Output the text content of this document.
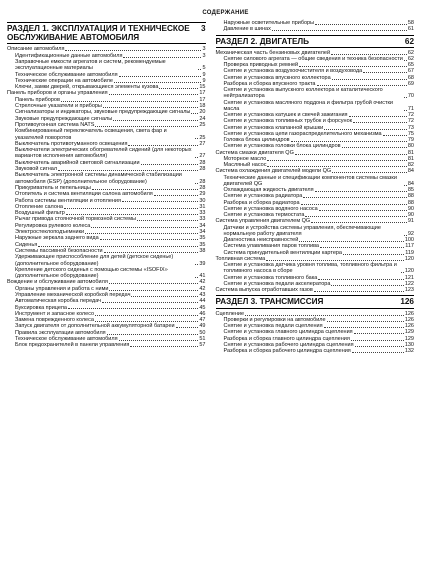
СОДЕРЖАНИЕ
РАЗДЕЛ 1. ЭКСПЛУАТАЦИЯ И ТЕХНИЧЕСКОЕ ОБСЛУЖИВАНИЕ АВТОМОБИЛЯ
3
Описание автомобиля	3
Идентификационные данные автомобиля	3
Заправочные емкости агрегатов и систем, рекомендуемые эксплуатационные материалы	5
Техническое обслуживание автомобиля	9
Технические операции на автомобиле	9
Ключи, замки дверей, открывающиеся элементы кузова	15
Панель приборов и органы управления	17
Панель приборов	17
Стрелочные указатели и приборы	18
Сигнализаторы и индикаторы, звуковые предупреждающие сигналы 20
Звуковые предупреждающие сигналы	24
Противоугонная система NATS	25
Комбинированный переключатель освещения, света фар и указателей поворотов	25
Выключатель противотуманного освещения	27
Выключатели электрических обогревателей сидений (для некоторых вариантов исполнения автомобиля)	27
Выключатель аварийной световой сигнализации	28
Звуковой сигнал	28
Выключатель электронной системы динамической стабилизации автомобиля (ESP) (дополнительное оборудование)	28
Прикуриватель и пепельницы	28
Отопитель и система вентиляции салона автомобиля	29
Работа системы вентиляции и отопления	30
Отопление салона	31
Воздушный фильтр	33
Рычаг привода стояночной тормозной системы	33
Регулировка рулевого колеса	34
Электростеклоподъемники	34
Наружные зеркала заднего вида	35
Сиденья	35
Системы пассивной безопасности	38
Удерживающее приспособление для детей (детское сиденье) (дополнительное оборудование)	39
Крепление детского сиденья с помощью системы «ISOFIX» (дополнительное оборудование)	41
Вождение и обслуживание автомобиля	42
Органы управления и работа с ними	42
Управление механической коробкой передач	43
Автоматическая коробка передач	44
Буксировка прицепа	45
Инструмент и запасное колесо	46
Замена поврежденного колеса	47
Запуск двигателя от дополнительной аккумуляторной батареи	49
Правила эксплуатации автомобиля	50
Техническое обслуживание автомобиля	51
Блок предохранителей в панели управления	57
Наружные осветительные приборы	58
Давление в шинах	61
РАЗДЕЛ 2. ДВИГАТЕЛЬ	62
Механическая часть бензиновых двигателей	62
Снятие силового агрегата — общие сведения и техника безопасности 62
Проверка приводных ремней	65
Снятие и установка воздухоочистителя и воздуховода	67
Снятие и установка впускного коллектора	68
Разборка и сборка впускного тракта	69
Снятие и установка выпускного коллектора и каталитического нейтрализатора	70
Снятие и установка масляного поддона и фильтра грубой очистки масла	71
Снятие и установка катушек и свечей зажигания	72
Снятие и установка топливных трубок и форсунок	72
Снятие и установка клапанной крышки	73
Снятие и установка цепи газораспределительного механизма	75
Головка блока цилиндров	79
Снятие и установка головки блока цилиндров	80
Система смазки двигателя QG	81
Моторное масло	81
Масляный насос	82
Система охлаждения двигателей модели QG	84
Технические данные и спецификации компонентов системы смазки двигателей QG	84
Охлаждающая жидкость двигателя	85
Снятие и установка радиатора	88
Разборка и сборка радиатора	88
Снятие и установка водяного насоса	90
Снятие и установка термостата	90
Система управления двигателем QG	91
Датчики и устройства системы управления, обеспечивающие нормальную работу двигателя	92
Диагностика неисправностей	100
Система улавливания паров топлива	117
Система принудительной вентиляции картера	119
Топливная система	120
Снятие и установка датчика уровня топлива, топливного фильтра и топливного насоса в сборе	120
Снятие и установка топливного бака	121
Снятие и установка педали акселератора	122
Система выпуска отработавших газов	123
РАЗДЕЛ 3. ТРАНСМИССИЯ	126
Сцепление	126
Проверки и регулировки на автомобиле	126
Снятие и установка педали сцепления	126
Снятие и установка главного цилиндра сцепления	129
Разборка и сборка главного цилиндра сцепления	129
Снятие и установка рабочего цилиндра сцепления	130
Разборка и сборка рабочего цилиндра сцепления	132
